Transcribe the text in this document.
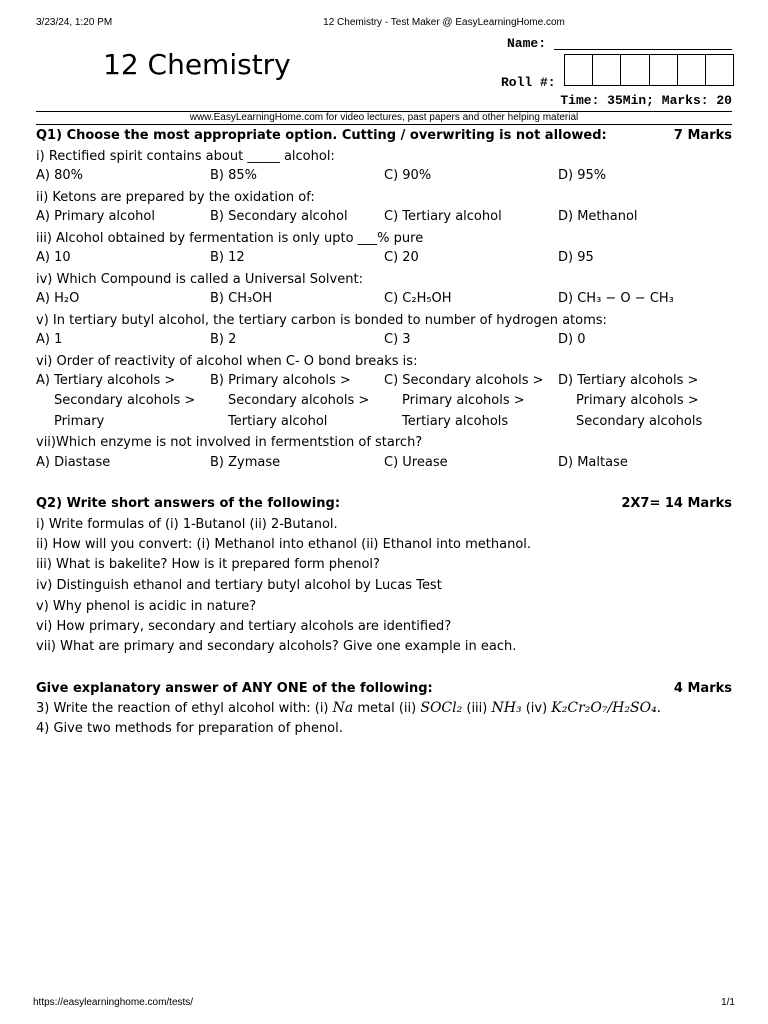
3/23/24, 1:20 PM	12 Chemistry - Test Maker @ EasyLearningHome.com
12 Chemistry
Name:
Roll #:
Time: 35Min; Marks: 20
www.EasyLearningHome.com for video lectures, past papers and other helping material
Q1) Choose the most appropriate option. Cutting / overwriting is not allowed:	7 Marks
i) Rectified spirit contains about _____ alcohol:
A) 80%	B) 85%	C) 90%	D) 95%
ii) Ketons are prepared by the oxidation of:
A) Primary alcohol	B) Secondary alcohol	C) Tertiary alcohol	D) Methanol
iii) Alcohol obtained by fermentation is only upto ___% pure
A) 10	B) 12	C) 20	D) 95
iv) Which Compound is called a Universal Solvent:
A) H₂O	B) CH₃OH	C) C₂H₅OH	D) CH₃ − O − CH₃
v) In tertiary butyl alcohol, the tertiary carbon is bonded to number of hydrogen atoms:
A) 1	B) 2	C) 3	D) 0
vi) Order of reactivity of alcohol when C- O bond breaks is:
A) Tertiary alcohols >
Secondary alcohols >
Primary
B) Primary alcohols >
Secondary alcohols >
Tertiary alcohol
C) Secondary alcohols >
Primary alcohols >
Tertiary alcohols
D) Tertiary alcohols >
Primary alcohols >
Secondary alcohols
vii)Which enzyme is not involved in fermentstion of starch?
A) Diastase	B) Zymase	C) Urease	D) Maltase
Q2) Write short answers of the following:	2X7= 14 Marks
i) Write formulas of (i) 1-Butanol (ii) 2-Butanol.
ii) How will you convert: (i) Methanol into ethanol (ii) Ethanol into methanol.
iii) What is bakelite? How is it prepared form phenol?
iv) Distinguish ethanol and tertiary butyl alcohol by Lucas Test
v) Why phenol is acidic in nature?
vi) How primary, secondary and tertiary alcohols are identified?
vii) What are primary and secondary alcohols? Give one example in each.
Give explanatory answer of ANY ONE of the following:	4 Marks
3) Write the reaction of ethyl alcohol with: (i) Na metal (ii) SOCl₂ (iii) NH₃ (iv) K₂Cr₂O₇/H₂SO₄.
4) Give two methods for preparation of phenol.
https://easylearninghome.com/tests/	1/1
